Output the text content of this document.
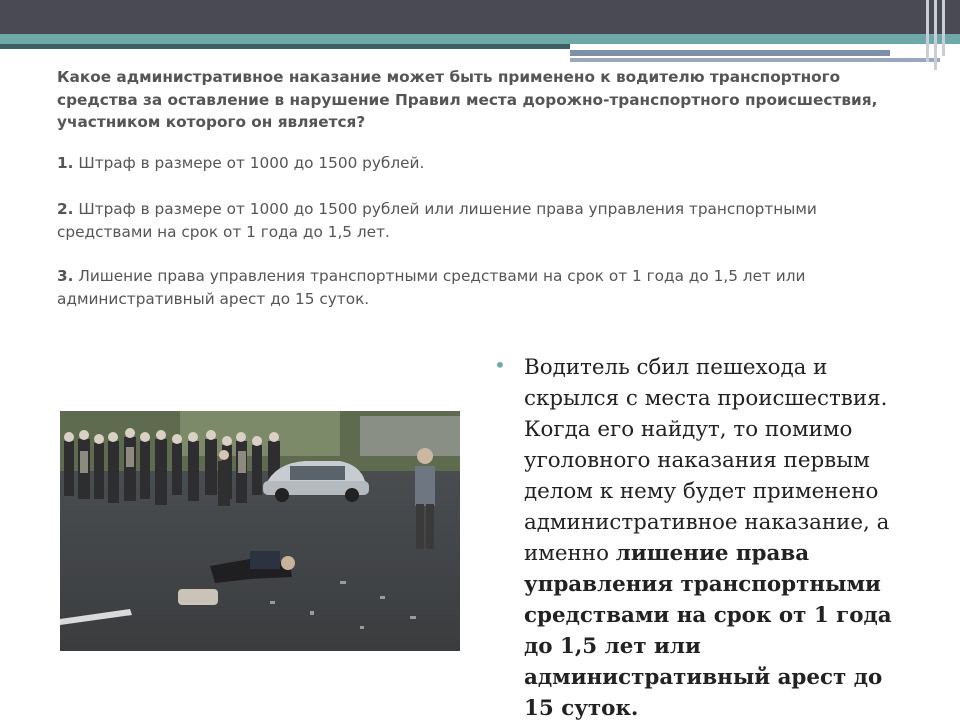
Какое административное наказание может быть применено к водителю транспортного средства за оставление в нарушение Правил места дорожно-транспортного происшествия, участником которого он является?
1. Штраф в размере от 1000 до 1500 рублей.
2. Штраф в размере от 1000 до 1500 рублей или лишение права управления транспортными средствами на срок от 1 года до 1,5 лет.
3. Лишение права управления транспортными средствами на срок от 1 года до 1,5 лет или административный арест до 15 суток.
• Водитель сбил пешехода и скрылся с места происшествия. Когда его найдут, то помимо уголовного наказания первым делом к нему будет применено административное наказание, а именно лишение права управления транспортными средствами на срок от 1 года до 1,5 лет или административный арест до 15 суток.
